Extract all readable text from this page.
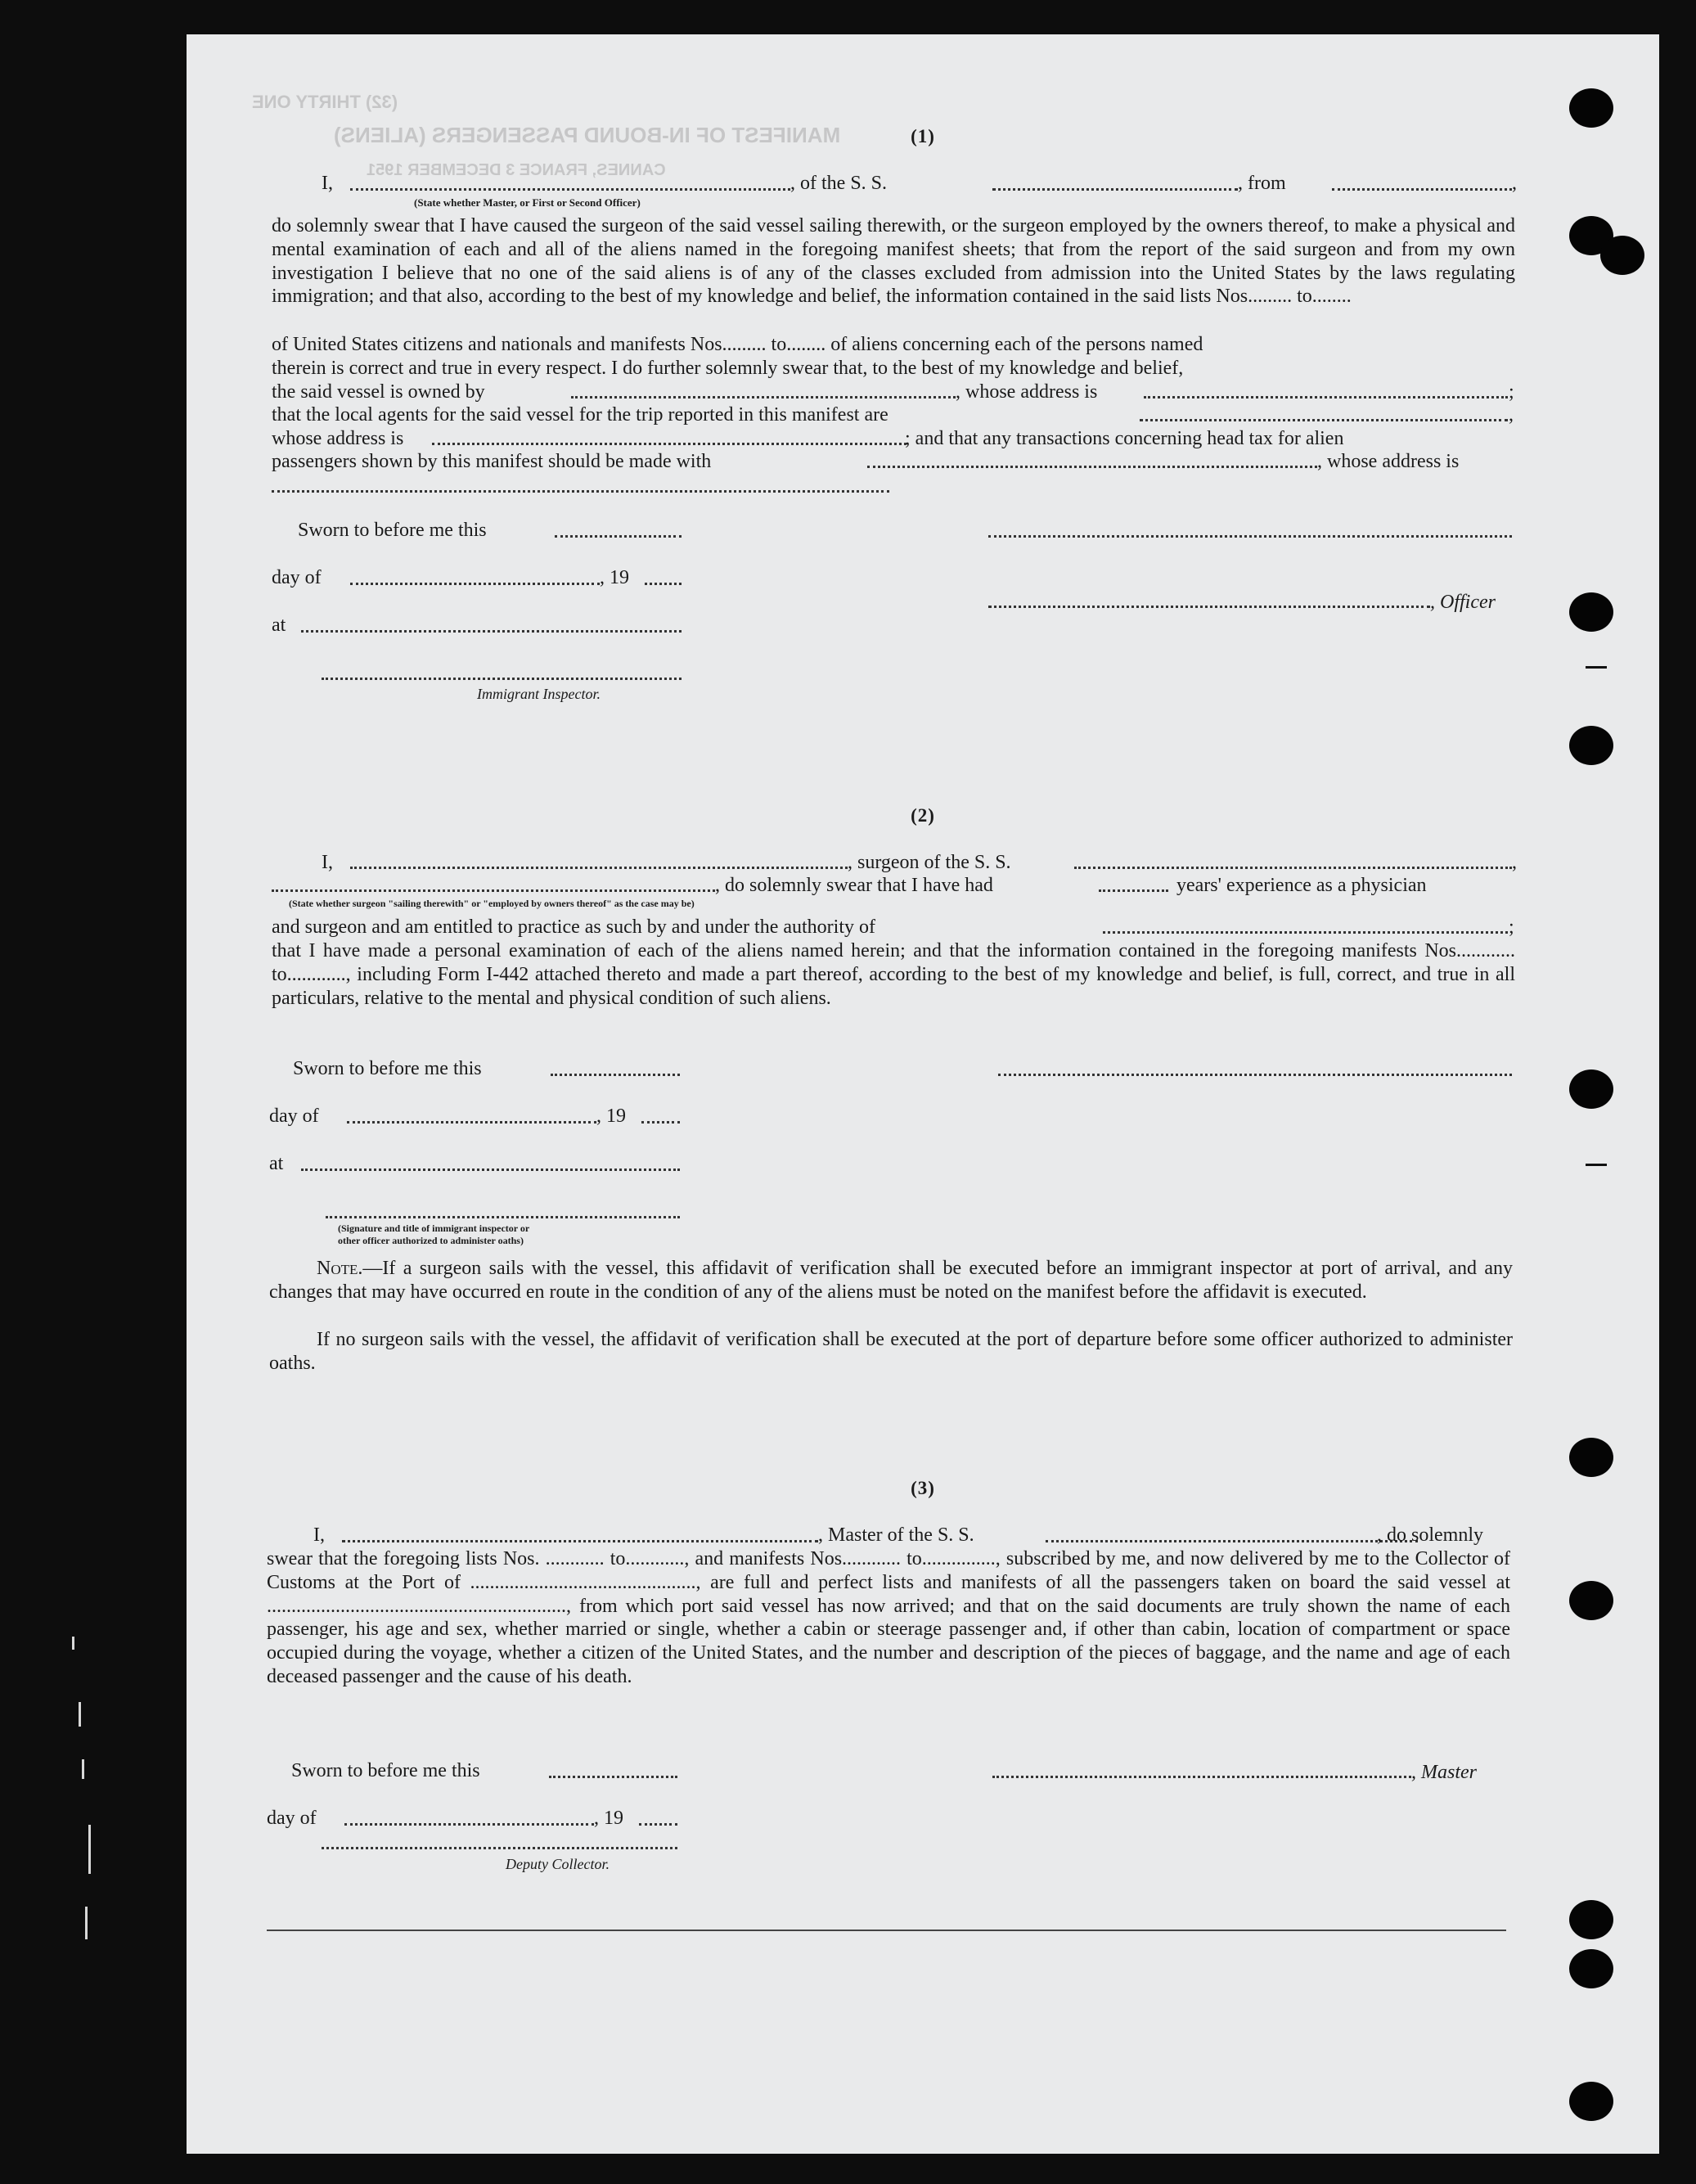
(32) THIRTY ONE
MANIFEST OF IN-BOUND PASSENGERS (ALIENS)
CANNES, FRANCE 3 DECEMBER 1951
(1)
I,	, of the S. S.	, from	,
(State whether Master, or First or Second Officer)
do solemnly swear that I have caused the surgeon of the said vessel sailing therewith, or the surgeon employed by the owners thereof, to make a physical and mental examination of each and all of the aliens named in the foregoing manifest sheets; that from the report of the said surgeon and from my own investigation I believe that no one of the said aliens is of any of the classes excluded from admission into the United States by the laws regulating immigration; and that also, according to the best of my knowledge and belief, the information contained in the said lists Nos......... to........
of United States citizens and nationals and manifests Nos......... to........ of aliens concerning each of the persons named
therein is correct and true in every respect. I do further solemnly swear that, to the best of my knowledge and belief,
the said vessel is owned by	, whose address is	;
that the local agents for the said vessel for the trip reported in this manifest are	,
whose address is	; and that any transactions concerning head tax for alien
passengers shown by this manifest should be made with	, whose address is
Sworn to before me this
day of	, 19
, Officer
at
Immigrant Inspector.
(2)
I,	, surgeon of the S. S.	,
, do solemnly swear that I have had	years' experience as a physician
(State whether surgeon "sailing therewith" or "employed by owners thereof" as the case may be)
and surgeon and am entitled to practice as such by and under the authority of	;
that I have made a personal examination of each of the aliens named herein; and that the information contained in the foregoing manifests Nos............ to............, including Form I-442 attached thereto and made a part thereof, according to the best of my knowledge and belief, is full, correct, and true in all particulars, relative to the mental and physical condition of such aliens.
Sworn to before me this
day of	, 19
at
(Signature and title of immigrant inspector or
other officer authorized to administer oaths)
Note.—If a surgeon sails with the vessel, this affidavit of verification shall be executed before an immigrant inspector at port of arrival, and any changes that may have occurred en route in the condition of any of the aliens must be noted on the manifest before the affidavit is executed.
If no surgeon sails with the vessel, the affidavit of verification shall be executed at the port of departure before some officer authorized to administer oaths.
(3)
I,	, Master of the S. S.	, do solemnly
swear that the foregoing lists Nos. ............ to............, and manifests Nos............ to..............., subscribed by me, and now delivered by me to the Collector of Customs at the Port of .............................................., are full and perfect lists and manifests of all the passengers taken on board the said vessel at ............................................................., from which port said vessel has now arrived; and that on the said documents are truly shown the name of each passenger, his age and sex, whether married or single, whether a cabin or steerage passenger and, if other than cabin, location of compartment or space occupied during the voyage, whether a citizen of the United States, and the number and description of the pieces of baggage, and the name and age of each deceased passenger and the cause of his death.
Sworn to before me this	, Master
day of	, 19
Deputy Collector.
